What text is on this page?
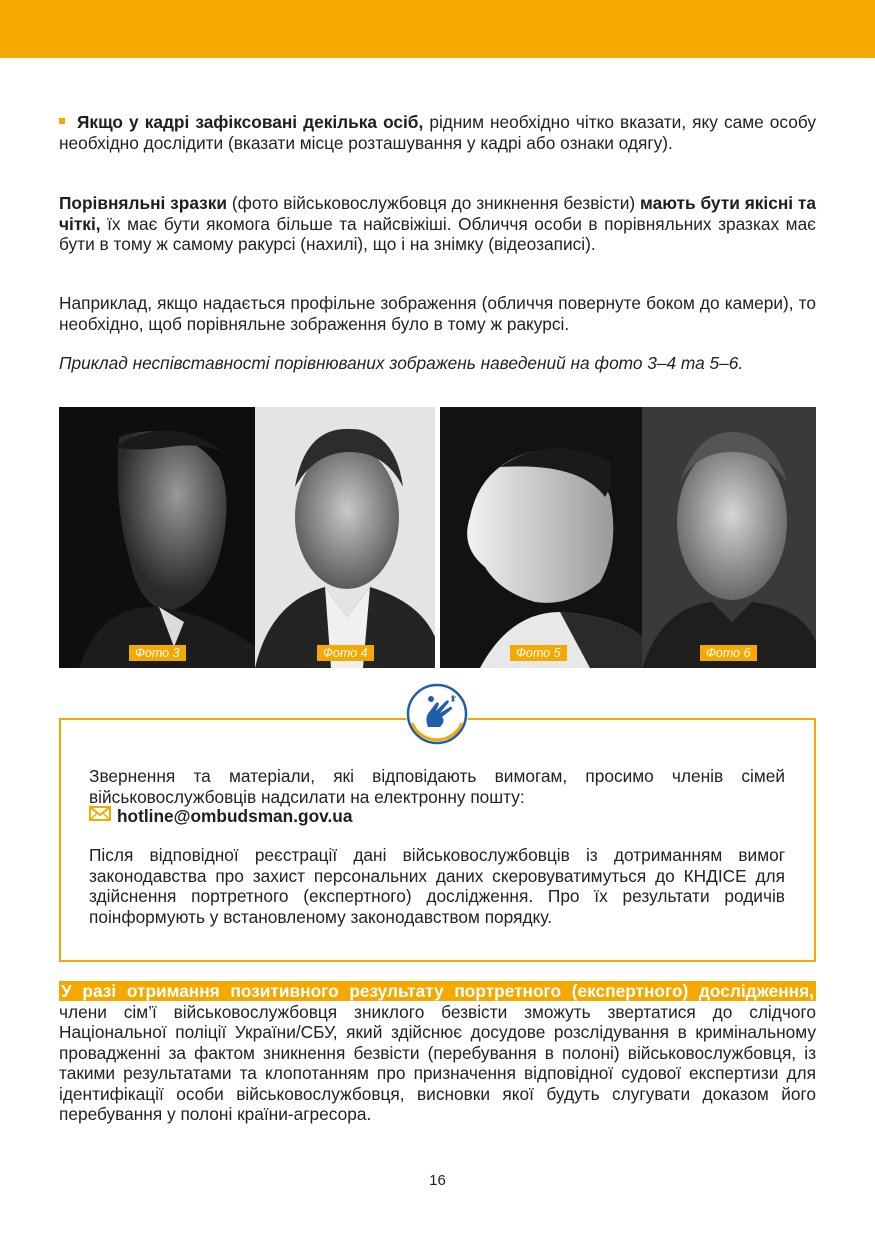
Якщо у кадрі зафіксовані декілька осіб, рідним необхідно чітко вказати, яку саме особу необхідно дослідити (вказати місце розташування у кадрі або ознаки одягу).

Порівняльні зразки (фото військовослужбовця до зникнення безвісти) мають бути якісні та чіткі, їх має бути якомога більше та найсвіжіші. Обличчя особи в порівняльних зразках має бути в тому ж самому ракурсі (нахилі), що і на знімку (відеозаписі).

Наприклад, якщо надається профільне зображення (обличчя повернуте боком до камери), то необхідно, щоб порівняльне зображення було в тому ж ракурсі.

Приклад неспівставності порівнюваних зображень наведений на фото 3–4 та 5–6.

Фото 3	Фото 4	Фото 5	Фото 6

Звернення та матеріали, які відповідають вимогам, просимо членів сімей військовослужбовців надсилати на електронну пошту:

hotline@ombudsman.gov.ua

Після відповідної реєстрації дані військовослужбовців із дотриманням вимог законодавства про захист персональних даних скеровуватимуться до КНДІСЕ для здійснення портретного (експертного) дослідження. Про їх результати родичів поінформують у встановленому законодавством порядку.

У разі отримання позитивного результату портретного (експертного) дослідження, члени сім’ї військовослужбовця зниклого безвісти зможуть звертатися до слідчого Національної поліції України/СБУ, який здійснює досудове розслідування в кримінальному провадженні за фактом зникнення безвісти (перебування в полоні) військовослужбовця, із такими результатами та клопотанням про призначення відповідної судової експертизи для ідентифікації особи військовослужбовця, висновки якої будуть слугувати доказом його перебування у полоні країни-агресора.

16
